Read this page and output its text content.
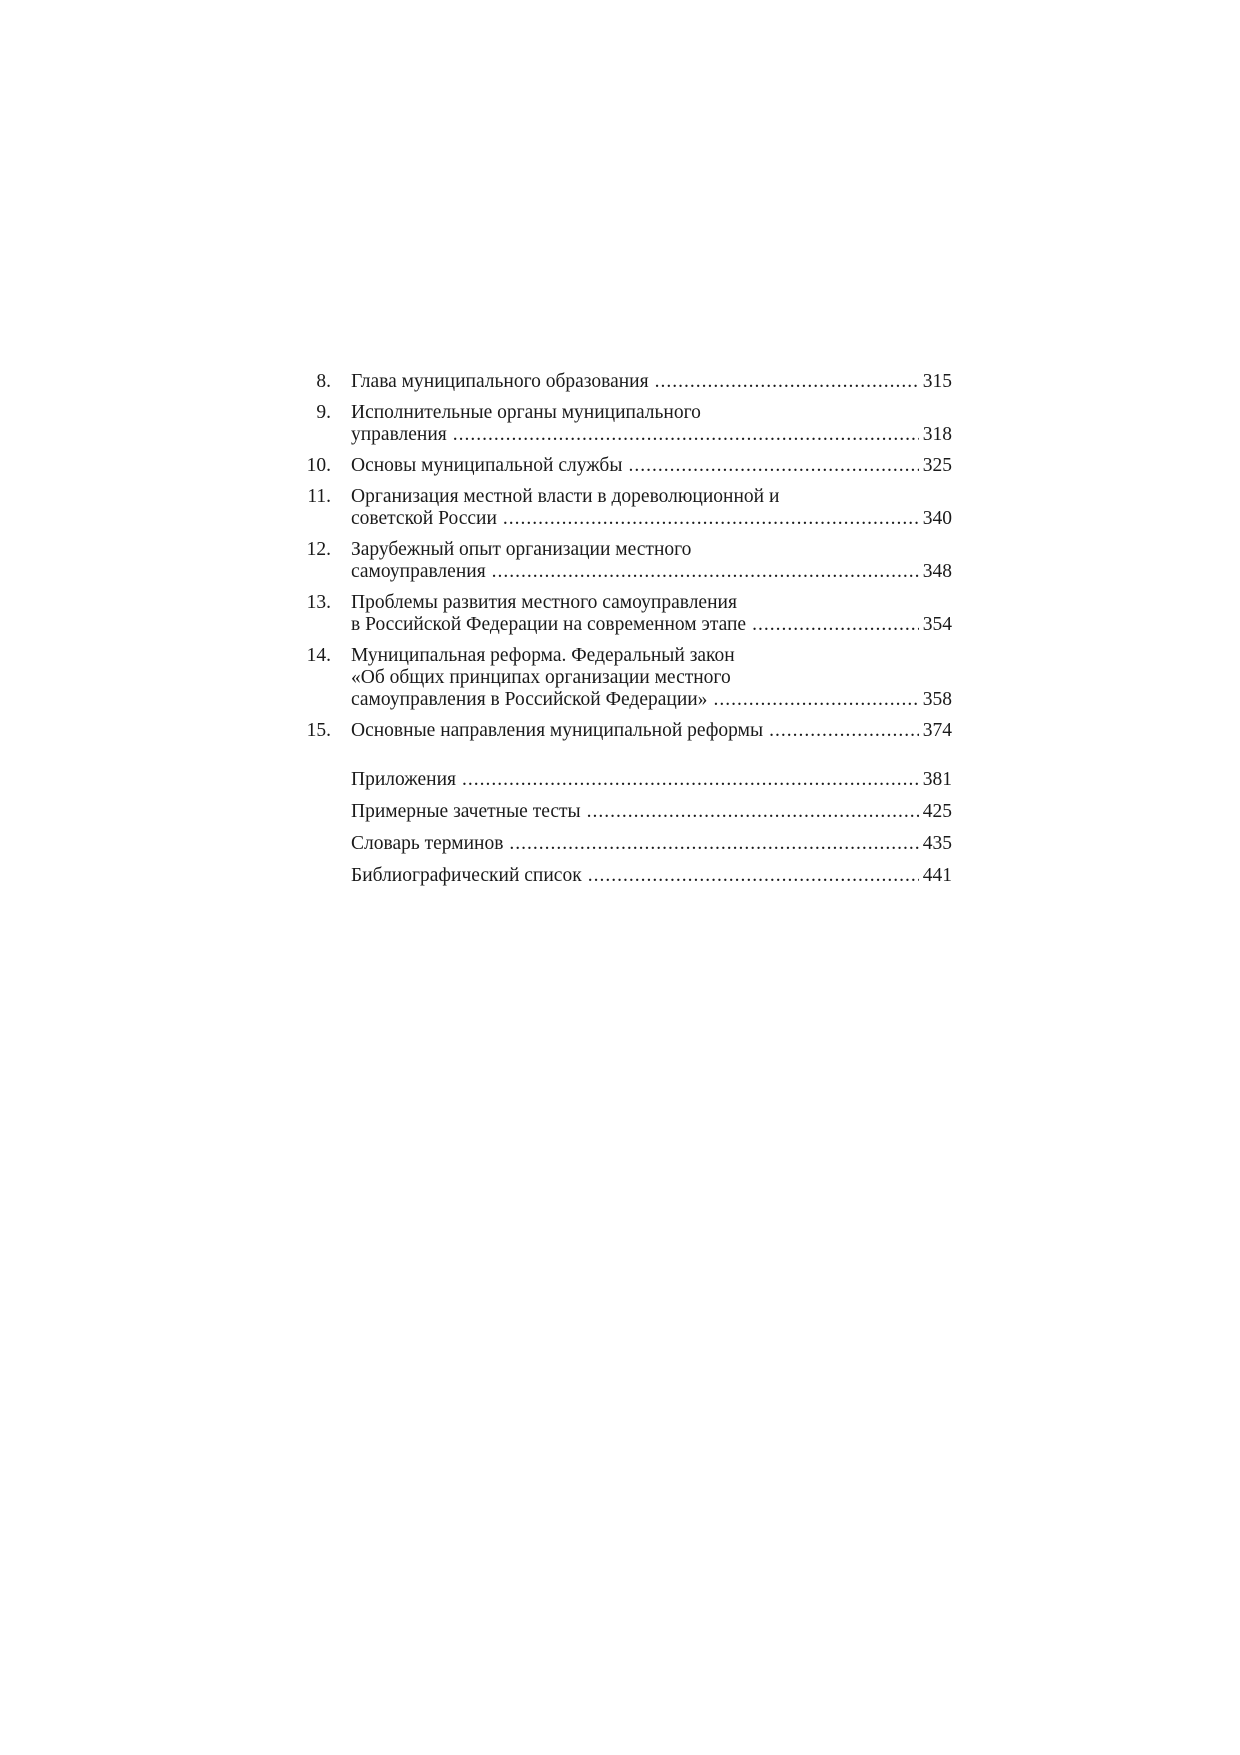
8.	Глава муниципального образования .....	315
9.	Исполнительные органы муниципального
управления .....	318
10.	Основы муниципальной службы .....	325
11.	Организация местной власти в дореволюционной и
советской России .....	340
12.	Зарубежный опыт организации местного
самоуправления .....	348
13.	Проблемы развития местного самоуправления
в Российской Федерации на современном этапе .....	354
14.	Муниципальная реформа. Федеральный закон
«Об общих принципах организации местного
самоуправления в Российской Федерации» .....	358
15.	Основные направления муниципальной реформы .....	374
Приложения .....	381
Примерные зачетные тесты .....	425
Словарь терминов .....	435
Библиографический список .....	441
